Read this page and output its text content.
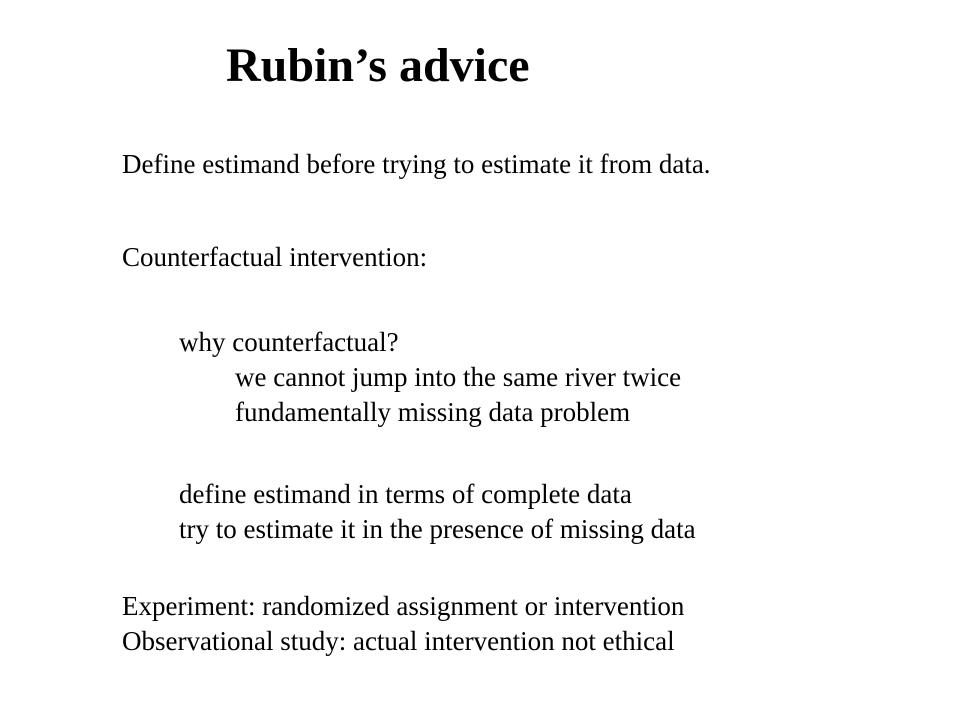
Rubin’s advice
Define estimand before trying to estimate it from data.
Counterfactual intervention:
why counterfactual?
we cannot jump into the same river twice
fundamentally missing data problem
define estimand in terms of complete data
try to estimate it in the presence of missing data
Experiment: randomized assignment or intervention
Observational study: actual intervention not ethical
